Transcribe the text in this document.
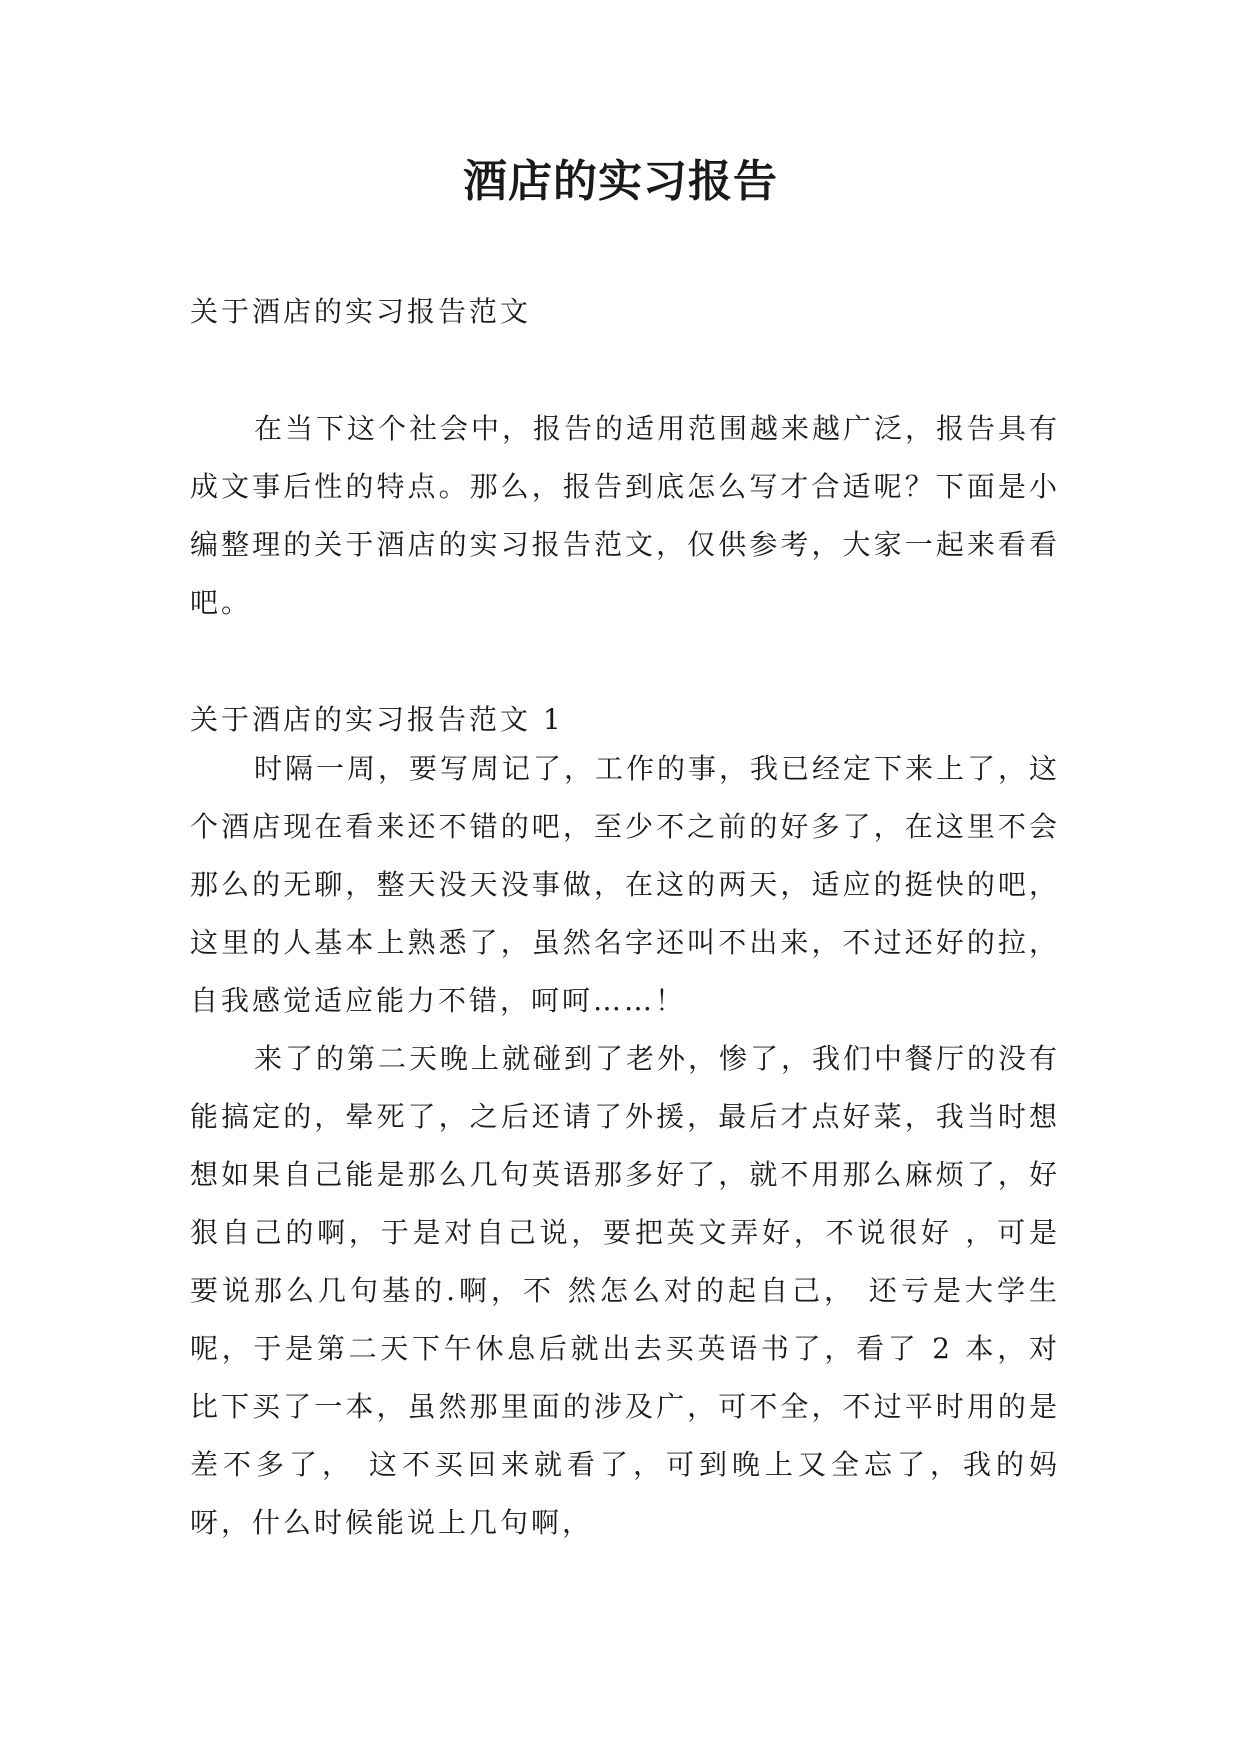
酒店的实习报告
关于酒店的实习报告范文

在当下这个社会中，报告的适用范围越来越广泛，报告具有成文事后性的特点。那么，报告到底怎么写才合适呢？下面是小编整理的关于酒店的实习报告范文，仅供参考，大家一起来看看吧。

关于酒店的实习报告范文 1

时隔一周，要写周记了，工作的事，我已经定下来上了，这个酒店现在看来还不错的吧，至少不之前的好多了，在这里不会那么的无聊，整天没天没事做，在这的两天，适应的挺快的吧，这里的人基本上熟悉了，虽然名字还叫不出来，不过还好的拉，自我感觉适应能力不错，呵呵……！

来了的第二天晚上就碰到了老外，惨了，我们中餐厅的没有能搞定的，晕死了，之后还请了外援，最后才点好菜，我当时想想如果自己能是那么几句英语那多好了，就不用那么麻烦了，好狠自己的啊，于是对自己说，要把英文弄好，不说很好 ，可是要说那么几句基的.啊，不 然怎么对的起自己， 还亏是大学生呢，于是第二天下午休息后就出去买英语书了，看了 2 本，对比下买了一本，虽然那里面的涉及广，可不全，不过平时用的是差不多了， 这不买回来就看了，可到晚上又全忘了，我的妈呀，什么时候能说上几句啊，
